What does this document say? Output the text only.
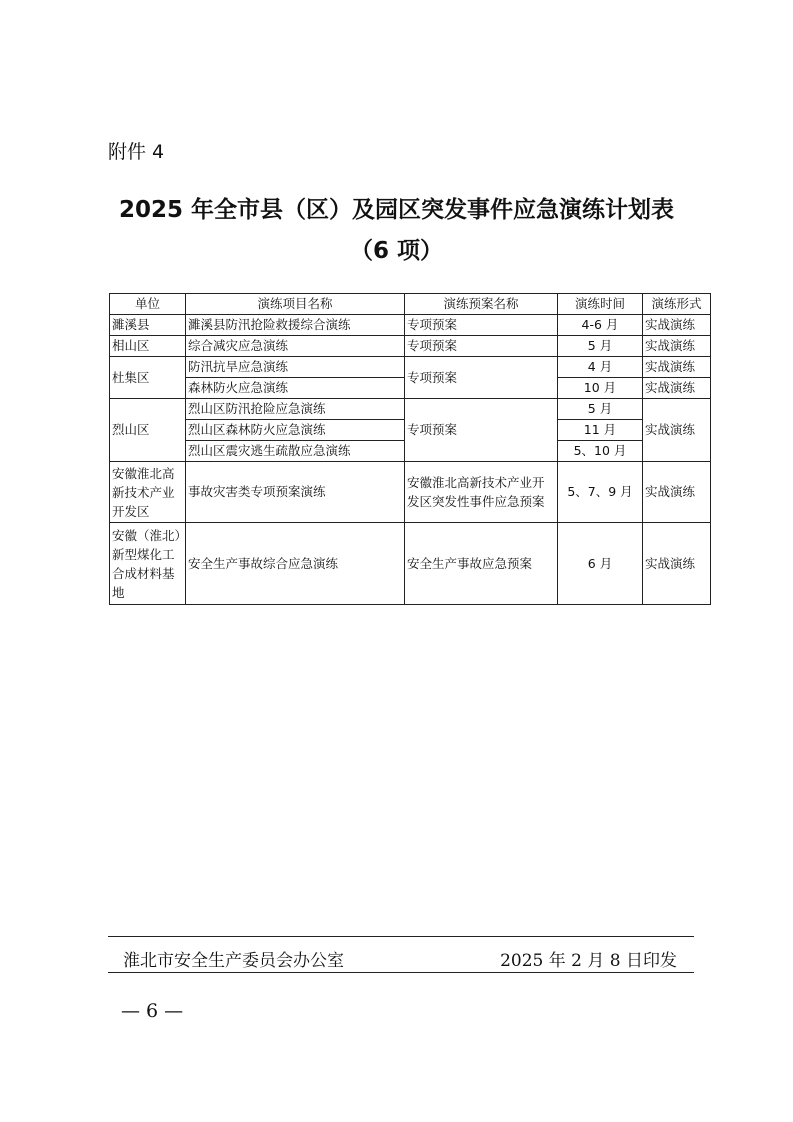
附件 4
2025 年全市县（区）及园区突发事件应急演练计划表
（6 项）
单位	演练项目名称	演练预案名称	演练时间	演练形式
濉溪县	濉溪县防汛抢险救援综合演练	专项预案	4-6 月	实战演练
相山区	综合减灾应急演练	专项预案	5 月	实战演练
杜集区	防汛抗旱应急演练	专项预案	4 月	实战演练
	森林防火应急演练		10 月	实战演练
烈山区	烈山区防汛抢险应急演练	专项预案	5 月	实战演练
	烈山区森林防火应急演练		11 月	
	烈山区震灾逃生疏散应急演练		5、10 月	
安徽淮北高新技术产业开发区	事故灾害类专项预案演练	安徽淮北高新技术产业开发区突发性事件应急预案	5、7、9 月	实战演练
安徽（淮北）新型煤化工合成材料基地	安全生产事故综合应急演练	安全生产事故应急预案	6 月	实战演练
淮北市安全生产委员会办公室	2025 年 2 月 8 日印发
— 6 —
